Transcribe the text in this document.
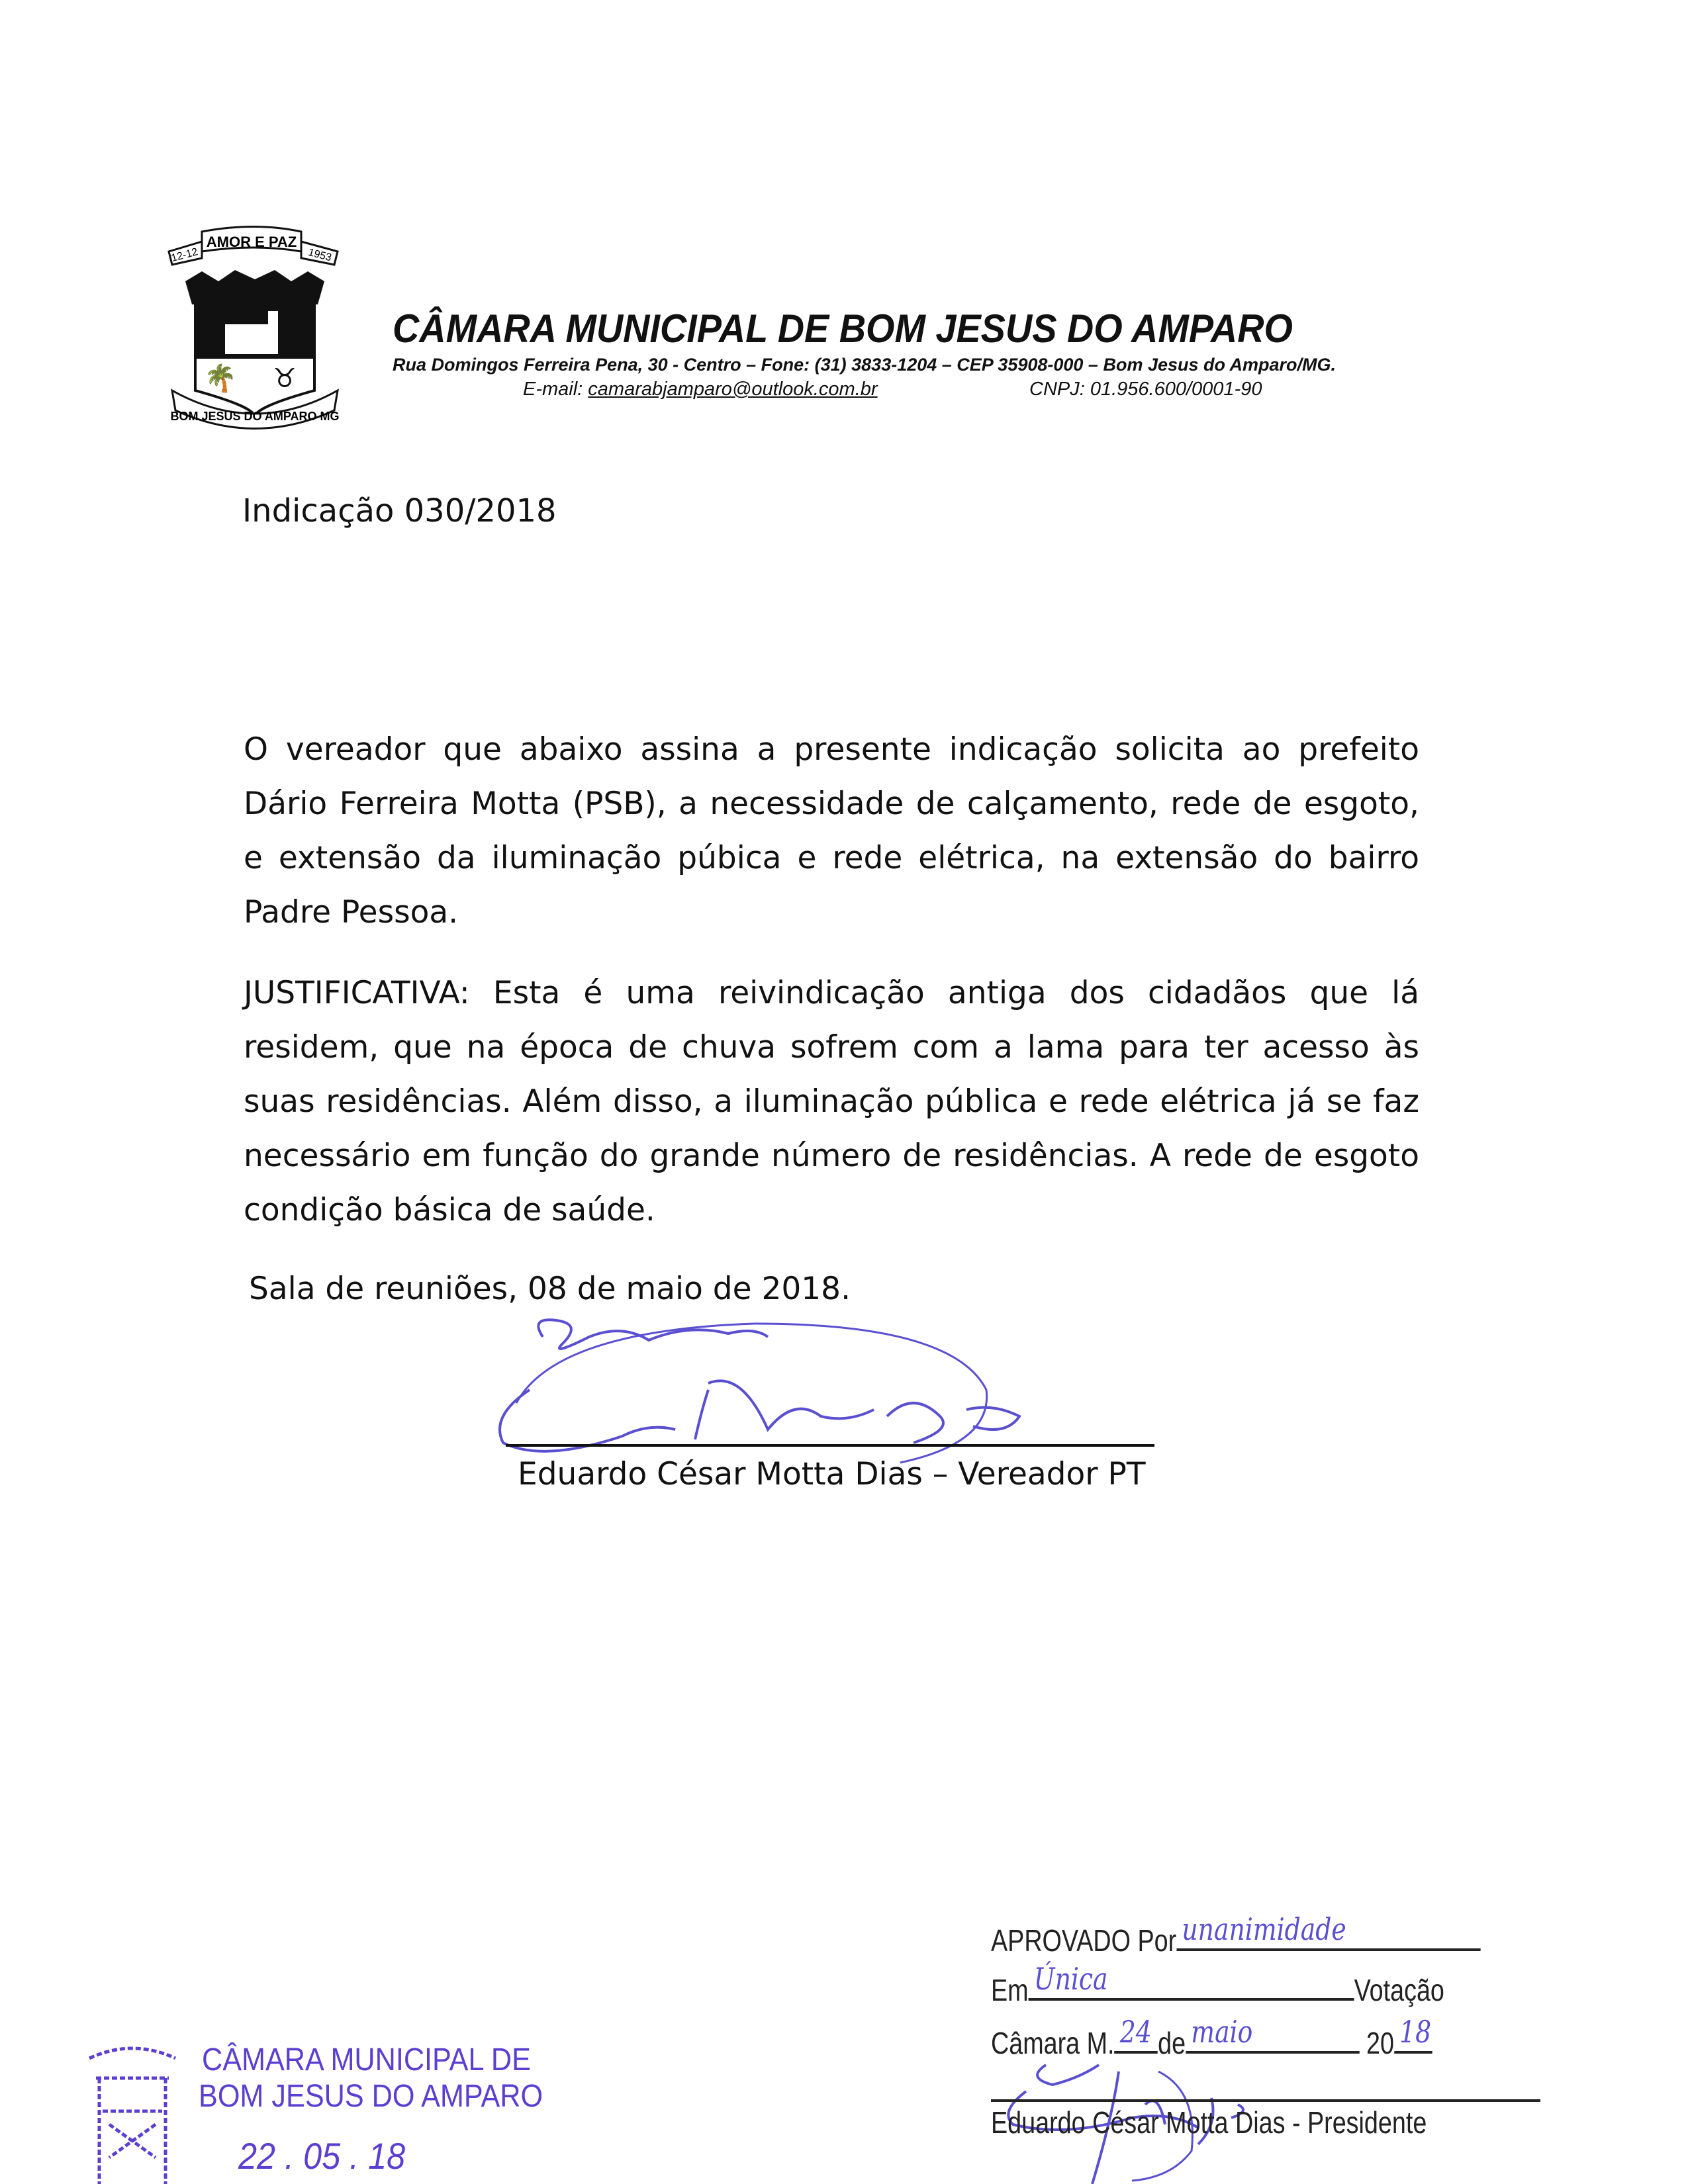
AMOR E PAZ
12-12	1953
🌴 ♉
BOM JESUS DO AMPARO MG
CÂMARA MUNICIPAL DE BOM JESUS DO AMPARO
Rua Domingos Ferreira Pena, 30 - Centro – Fone: (31) 3833-1204 – CEP 35908-000 – Bom Jesus do Amparo/MG.
E-mail: camarabjamparo@outlook.com.br	CNPJ: 01.956.600/0001-90
Indicação 030/2018
O vereador que abaixo assina a presente indicação solicita ao prefeito Dário Ferreira Motta (PSB), a necessidade de calçamento, rede de esgoto, e extensão da iluminação púbica e rede elétrica, na extensão do bairro Padre Pessoa.
JUSTIFICATIVA: Esta é uma reivindicação antiga dos cidadãos que lá residem, que na época de chuva sofrem com a lama para ter acesso às suas residências. Além disso, a iluminação pública e rede elétrica já se faz necessário em função do grande número de residências. A rede de esgoto condição básica de saúde.
Sala de reuniões, 08 de maio de 2018.
Eduardo César Motta Dias – Vereador PT
APROVADO Por unanimidade
Em Única	Votação
Câmara M. 24 de maio	20 18
Eduardo César Motta Dias - Presidente
CÂMARA MUNICIPAL DE
BOM JESUS DO AMPARO
22 . 05 . 18
